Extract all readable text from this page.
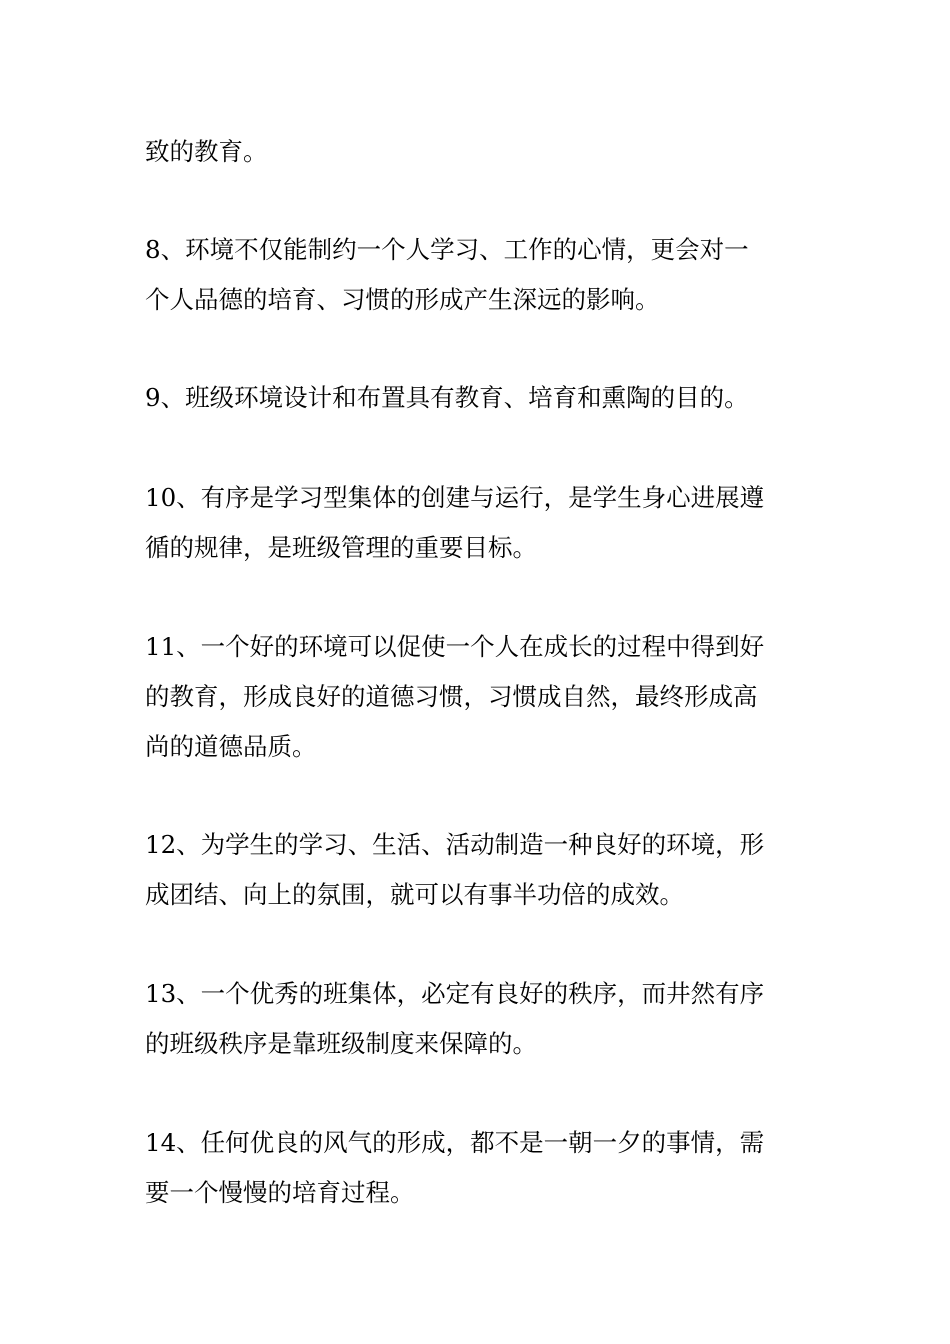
致的教育。

8、环境不仅能制约一个人学习、工作的心情，更会对一
个人品德的培育、习惯的形成产生深远的影响。

9、班级环境设计和布置具有教育、培育和熏陶的目的。

10、有序是学习型集体的创建与运行，是学生身心进展遵
循的规律，是班级管理的重要目标。

11、一个好的环境可以促使一个人在成长的过程中得到好
的教育，形成良好的道德习惯，习惯成自然，最终形成高
尚的道德品质。

12、为学生的学习、生活、活动制造一种良好的环境，形
成团结、向上的氛围，就可以有事半功倍的成效。

13、一个优秀的班集体，必定有良好的秩序，而井然有序
的班级秩序是靠班级制度来保障的。

14、任何优良的风气的形成，都不是一朝一夕的事情，需
要一个慢慢的培育过程。
